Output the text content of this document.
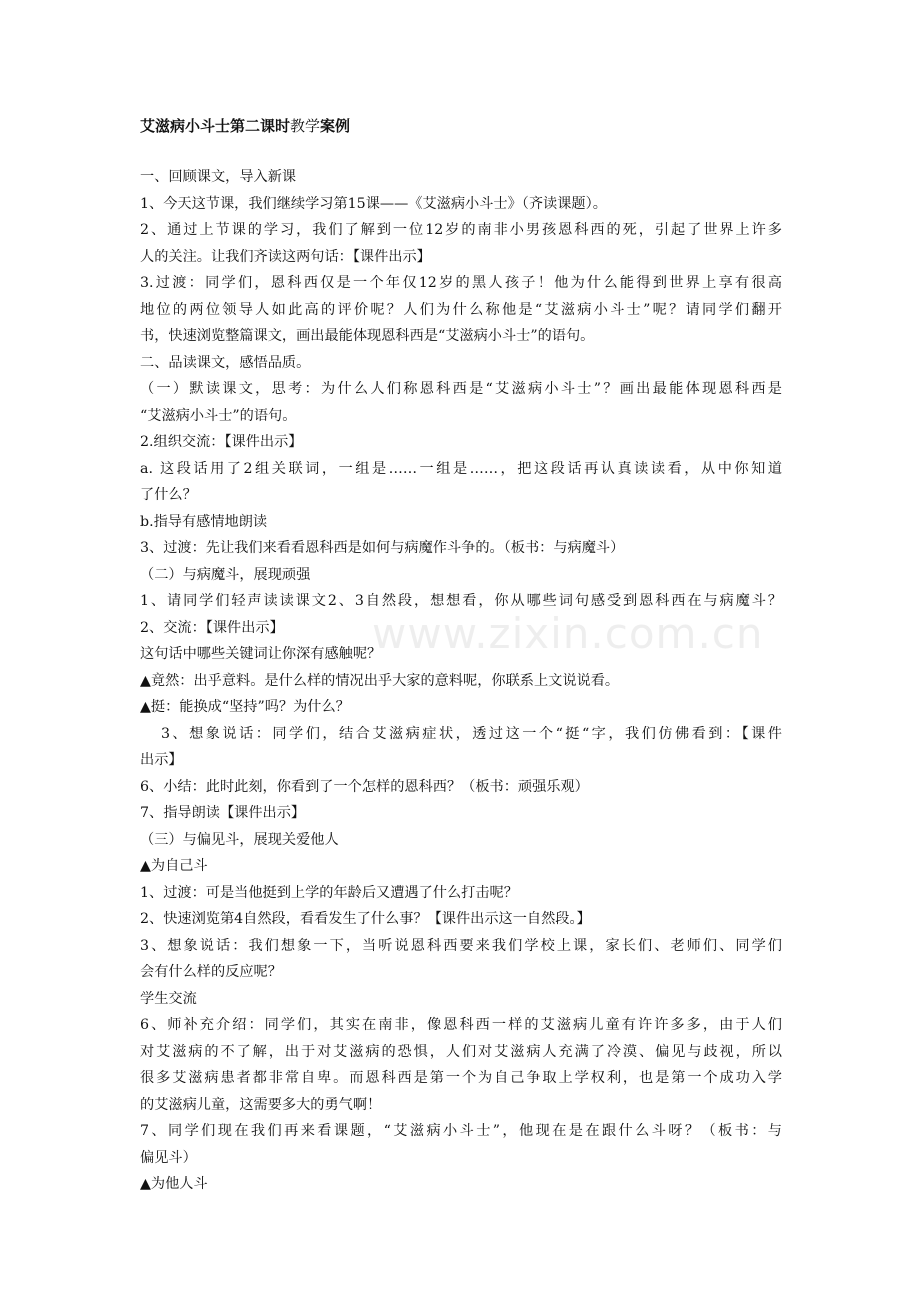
艾滋病小斗士第二课时教学案例
www.zixin.com.cn
一、回顾课文，导入新课
1、今天这节课，我们继续学习第15课——《艾滋病小斗士》（齐读课题）。
2、通过上节课的学习，我们了解到一位12岁的南非小男孩恩科西的死，引起了世界上许多
人的关注。让我们齐读这两句话：【课件出示】
3.过渡：同学们，恩科西仅是一个年仅12岁的黑人孩子！他为什么能得到世界上享有很高
地位的两位领导人如此高的评价呢？人们为什么称他是“艾滋病小斗士”呢？请同学们翻开
书，快速浏览整篇课文，画出最能体现恩科西是“艾滋病小斗士”的语句。
二、品读课文，感悟品质。
（一）默读课文，思考：为什么人们称恩科西是“艾滋病小斗士”？画出最能体现恩科西是
“艾滋病小斗士”的语句。
2.组织交流：【课件出示】
a. 这段话用了2组关联词，一组是……一组是……，把这段话再认真读读看，从中你知道
了什么？
b.指导有感情地朗读
3、过渡：先让我们来看看恩科西是如何与病魔作斗争的。（板书：与病魔斗）
（二）与病魔斗，展现顽强
1、请同学们轻声读读课文2、3自然段，想想看，你从哪些词句感受到恩科西在与病魔斗？
2、交流：【课件出示】
这句话中哪些关键词让你深有感触呢？
▲竟然：出乎意料。是什么样的情况出乎大家的意料呢，你联系上文说说看。
▲挺：能换成“坚持”吗？为什么？
3、想象说话：同学们，结合艾滋病症状，透过这一个“挺“字，我们仿佛看到：【课件
出示】
6、小结：此时此刻，你看到了一个怎样的恩科西？（板书：顽强乐观）
7、指导朗读【课件出示】
（三）与偏见斗，展现关爱他人
▲为自己斗
1、过渡：可是当他挺到上学的年龄后又遭遇了什么打击呢？
2、快速浏览第4自然段，看看发生了什么事？【课件出示这一自然段。】
3、想象说话：我们想象一下，当听说恩科西要来我们学校上课，家长们、老师们、同学们
会有什么样的反应呢？
学生交流
6、师补充介绍：同学们，其实在南非，像恩科西一样的艾滋病儿童有许许多多，由于人们
对艾滋病的不了解，出于对艾滋病的恐惧，人们对艾滋病人充满了冷漠、偏见与歧视，所以
很多艾滋病患者都非常自卑。而恩科西是第一个为自己争取上学权利，也是第一个成功入学
的艾滋病儿童，这需要多大的勇气啊！
7、同学们现在我们再来看课题，“艾滋病小斗士”，他现在是在跟什么斗呀？（板书：与
偏见斗）
▲为他人斗
